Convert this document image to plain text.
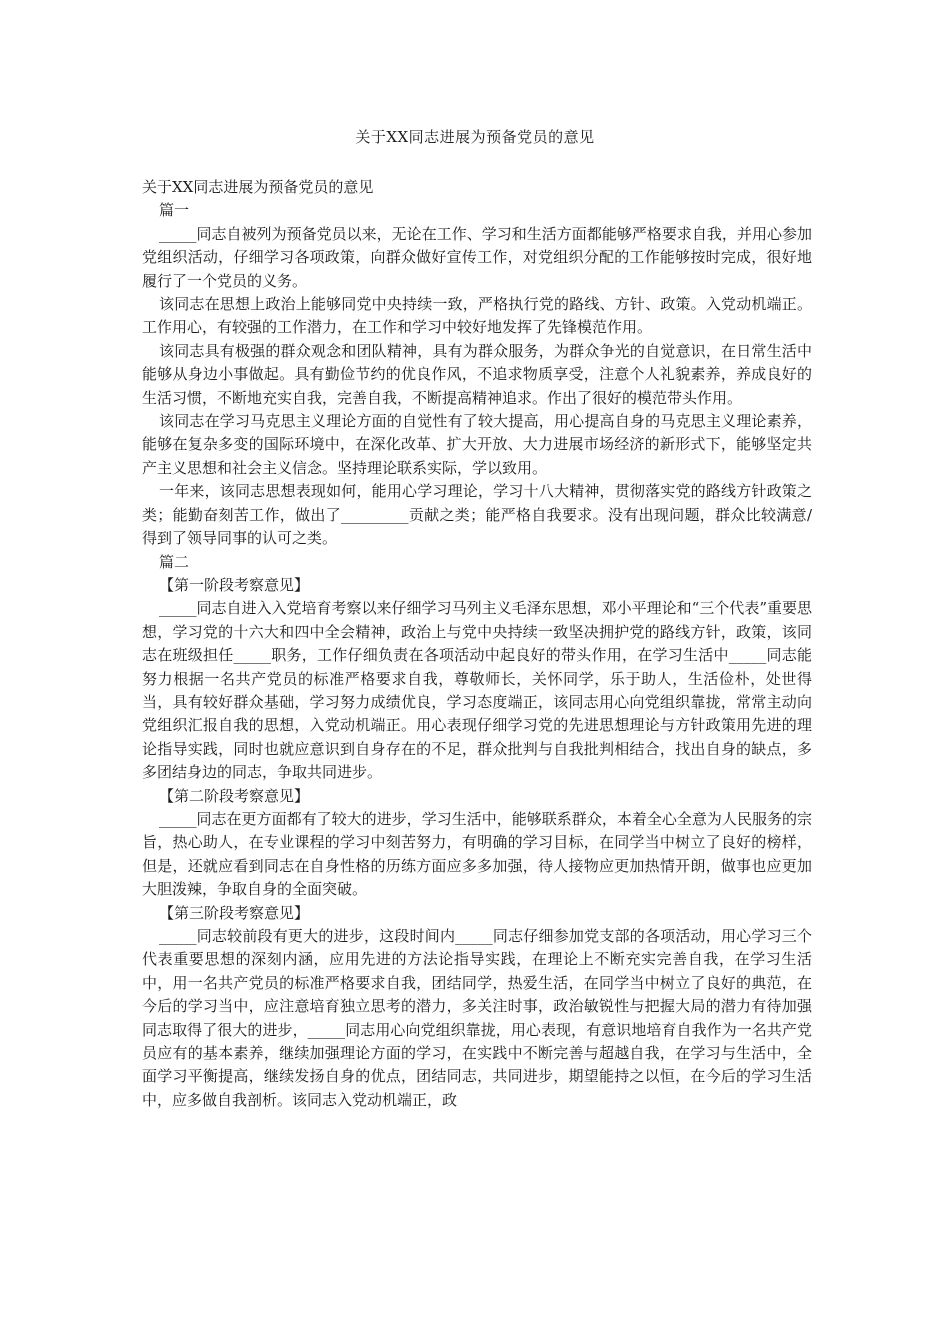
关于XX同志进展为预备党员的意见

关于XX同志进展为预备党员的意见

篇一

_____同志自被列为预备党员以来，无论在工作、学习和生活方面都能够严格要求自我，并用心参加党组织活动，仔细学习各项政策，向群众做好宣传工作，对党组织分配的工作能够按时完成，很好地履行了一个党员的义务。

该同志在思想上政治上能够同党中央持续一致，严格执行党的路线、方针、政策。入党动机端正。工作用心，有较强的工作潜力，在工作和学习中较好地发挥了先锋模范作用。

该同志具有极强的群众观念和团队精神，具有为群众服务，为群众争光的自觉意识，在日常生活中能够从身边小事做起。具有勤俭节约的优良作风，不追求物质享受，注意个人礼貌素养，养成良好的生活习惯，不断地充实自我，完善自我，不断提高精神追求。作出了很好的模范带头作用。

该同志在学习马克思主义理论方面的自觉性有了较大提高，用心提高自身的马克思主义理论素养，能够在复杂多变的国际环境中，在深化改革、扩大开放、大力进展市场经济的新形式下，能够坚定共产主义思想和社会主义信念。坚持理论联系实际，学以致用。

一年来，该同志思想表现如何，能用心学习理论，学习十八大精神，贯彻落实党的路线方针政策之类；能勤奋刻苦工作，做出了_________贡献之类；能严格自我要求。没有出现问题，群众比较满意/得到了领导同事的认可之类。

篇二

【第一阶段考察意见】

_____同志自进入入党培育考察以来仔细学习马列主义毛泽东思想，邓小平理论和“三个代表”重要思想，学习党的十六大和四中全会精神，政治上与党中央持续一致坚决拥护党的路线方针，政策，该同志在班级担任_____职务，工作仔细负责在各项活动中起良好的带头作用，在学习生活中_____同志能努力根据一名共产党员的标准严格要求自我，尊敬师长，关怀同学，乐于助人，生活俭朴，处世得当，具有较好群众基础，学习努力成绩优良，学习态度端正，该同志用心向党组织靠拢，常常主动向党组织汇报自我的思想，入党动机端正。用心表现仔细学习党的先进思想理论与方针政策用先进的理论指导实践，同时也就应意识到自身存在的不足，群众批判与自我批判相结合，找出自身的缺点，多多团结身边的同志，争取共同进步。

【第二阶段考察意见】

_____同志在更方面都有了较大的进步，学习生活中，能够联系群众，本着全心全意为人民服务的宗旨，热心助人，在专业课程的学习中刻苦努力，有明确的学习目标，在同学当中树立了良好的榜样，但是，还就应看到同志在自身性格的历练方面应多多加强，待人接物应更加热情开朗，做事也应更加大胆泼辣，争取自身的全面突破。

【第三阶段考察意见】

_____同志较前段有更大的进步，这段时间内_____同志仔细参加党支部的各项活动，用心学习三个代表重要思想的深刻内涵，应用先进的方法论指导实践，在理论上不断充实完善自我，在学习生活中，用一名共产党员的标准严格要求自我，团结同学，热爱生活，在同学当中树立了良好的典范，在今后的学习当中，应注意培育独立思考的潜力，多关注时事，政治敏锐性与把握大局的潜力有待加强同志取得了很大的进步，_____同志用心向党组织靠拢，用心表现，有意识地培育自我作为一名共产党员应有的基本素养，继续加强理论方面的学习，在实践中不断完善与超越自我，在学习与生活中，全面学习平衡提高，继续发扬自身的优点，团结同志，共同进步，期望能持之以恒，在今后的学习生活中，应多做自我剖析。该同志入党动机端正，政
